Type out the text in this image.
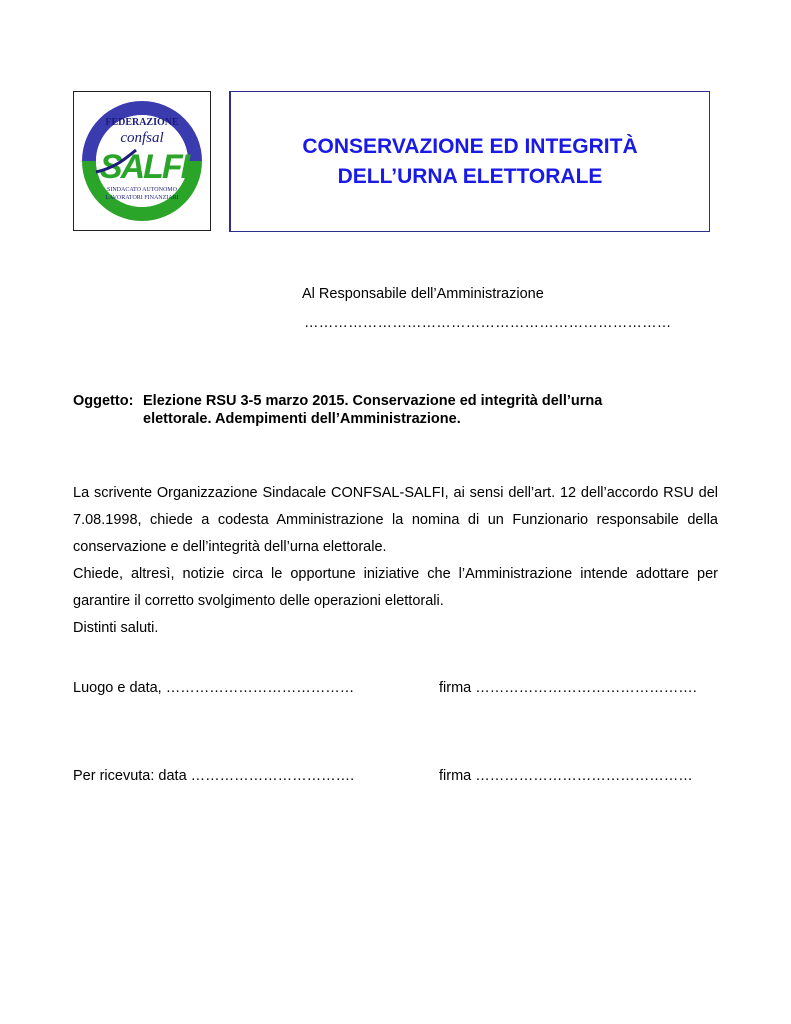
FEDERAZIONE
confsal
SALFI
SINDACATO AUTONOMO
LAVORATORI FINANZIARI
CONSERVAZIONE ED INTEGRITÀ
DELL’URNA ELETTORALE
Al Responsabile dell’Amministrazione
…………………………………………………………………
Oggetto: Elezione RSU 3-5 marzo 2015. Conservazione ed integrità dell’urna
elettorale. Adempimenti dell’Amministrazione.

La scrivente Organizzazione Sindacale CONFSAL-SALFI, ai sensi dell’art. 12 dell’accordo RSU del 7.08.1998, chiede a codesta Amministrazione la nomina di un Funzionario responsabile della conservazione e dell’integrità dell’urna elettorale.

Chiede, altresì, notizie circa le opportune iniziative che l’Amministrazione intende adottare per garantire il corretto svolgimento delle operazioni elettorali.

Distinti saluti.

Luogo e data, …………………………………	firma ……………………………………….
Per ricevuta: data …………………………….	firma ………………………………………
